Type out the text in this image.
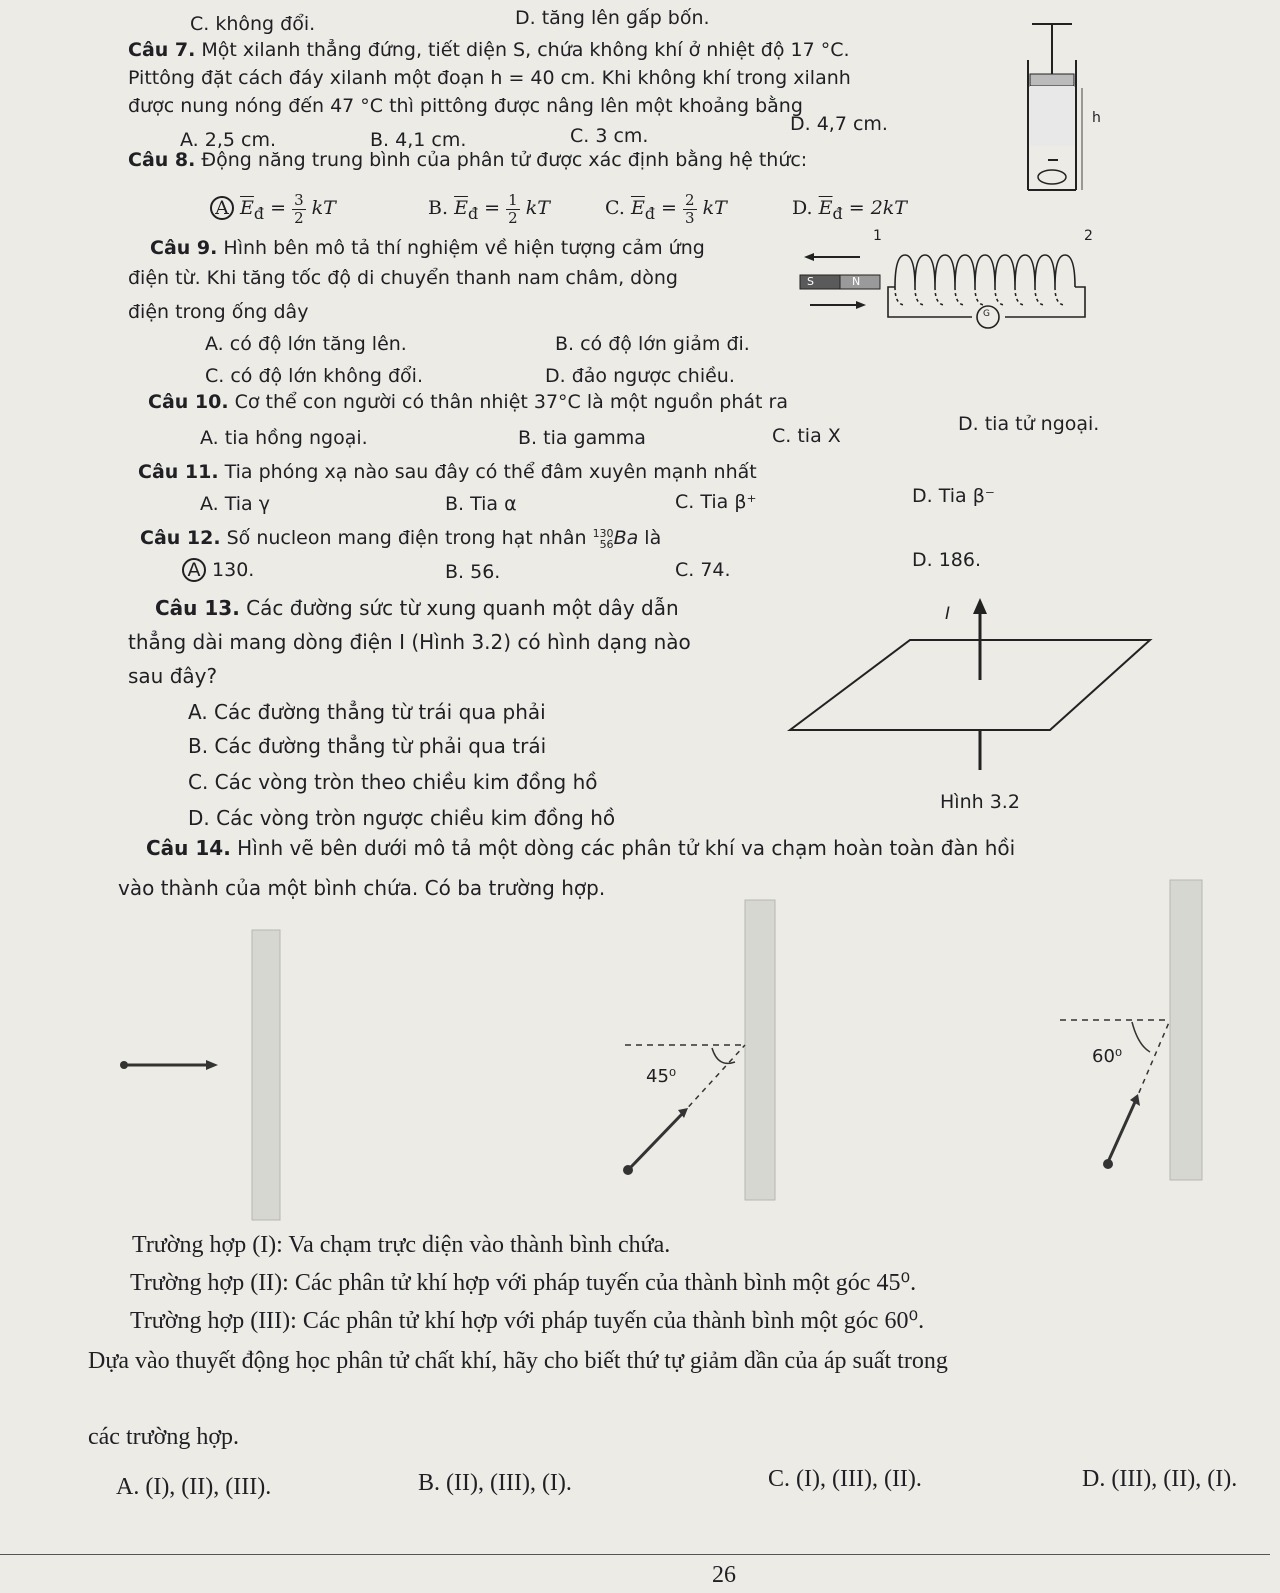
C. không đổi.	D. tăng lên gấp bốn.
Câu 7. Một xilanh thẳng đứng, tiết diện S, chứa không khí ở nhiệt độ 17 °C.
Pittông đặt cách đáy xilanh một đoạn h = 40 cm. Khi không khí trong xilanh
được nung nóng đến 47 °C thì pittông được nâng lên một khoảng bằng
A. 2,5 cm.	B. 4,1 cm.	C. 3 cm.
D. 4,7 cm.	h
Câu 8. Động năng trung bình của phân tử được xác định bằng hệ thức:
A $\overline{E}_đ = \frac{3}{2}$ kT	B. $\overline{E}_đ = \frac{1}{2}$ kT	C. $\overline{E}_đ = \frac{2}{3}$ kT	D. $\overline{E}_đ = 2kT$
Câu 9. Hình bên mô tả thí nghiệm về hiện tượng cảm ứng
điện từ. Khi tăng tốc độ di chuyển thanh nam châm, dòng
điện trong ống dây
A. có độ lớn tăng lên.	B. có độ lớn giảm đi.
C. có độ lớn không đổi.	D. đảo ngược chiều.
1	2
S	N
G
Câu 10. Cơ thể con người có thân nhiệt 37°C là một nguồn phát ra
A. tia hồng ngoại.	B. tia gamma	C. tia X
D. tia tử ngoại.
Câu 11. Tia phóng xạ nào sau đây có thể đâm xuyên mạnh nhất
A. Tia γ	B. Tia α	C. Tia β⁺	D. Tia β⁻
Câu 12. Số nucleon mang điện trong hạt nhân 130
56 Ba là
A 130.	B. 56.	C. 74.	D. 186.
Câu 13. Các đường sức từ xung quanh một dây dẫn
thẳng dài mang dòng điện I (Hình 3.2) có hình dạng nào
sau đây?
A. Các đường thẳng từ trái qua phải
B. Các đường thẳng từ phải qua trái
C. Các vòng tròn theo chiều kim đồng hồ
D. Các vòng tròn ngược chiều kim đồng hồ
I
Hình 3.2
Câu 14. Hình vẽ bên dưới mô tả một dòng các phân tử khí va chạm hoàn toàn đàn hồi
vào thành của một bình chứa. Có ba trường hợp.
45⁰
60⁰
Trường hợp (I): Va chạm trực diện vào thành bình chứa.
Trường hợp (II): Các phân tử khí hợp với pháp tuyến của thành bình một góc 45⁰.
Trường hợp (III): Các phân tử khí hợp với pháp tuyến của thành bình một góc 60⁰.
Dựa vào thuyết động học phân tử chất khí, hãy cho biết thứ tự giảm dần của áp suất trong
các trường hợp.
A. (I), (II), (III).	B. (II), (III), (I).	C. (I), (III), (II).	D. (III), (II), (I).
26
